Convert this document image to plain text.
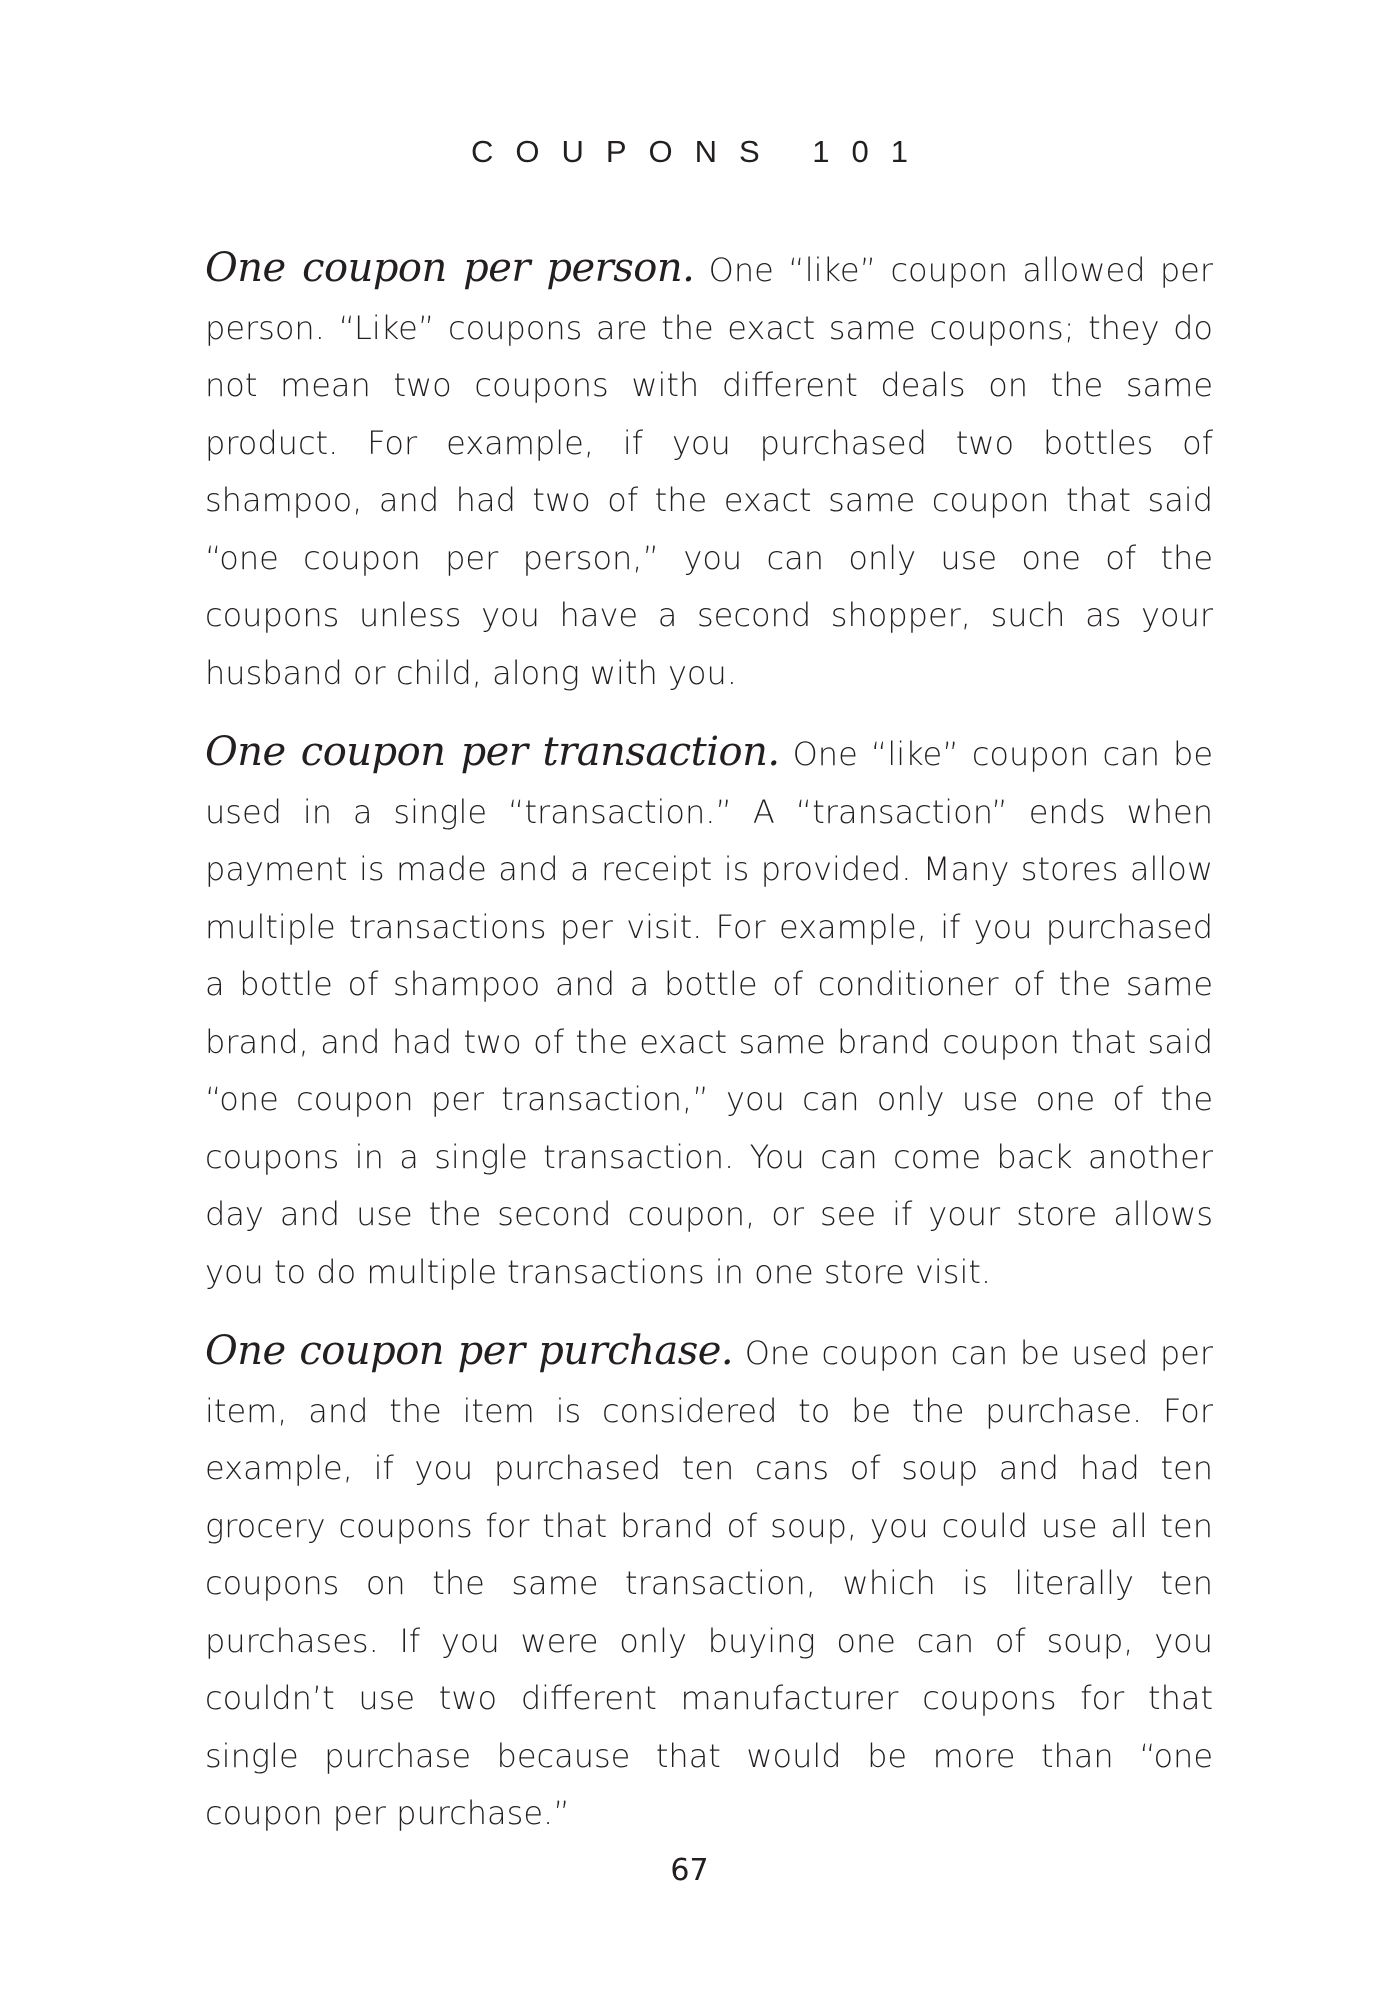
COUPONS 101

One coupon per person. One “like” coupon allowed per person. “Like” coupons are the exact same coupons; they do not mean two coupons with different deals on the same product. For example, if you purchased two bottles of shampoo, and had two of the exact same coupon that said “one coupon per person,” you can only use one of the coupons unless you have a second shopper, such as your husband or child, along with you.

One coupon per transaction. One “like” coupon can be used in a single “transaction.” A “transaction” ends when payment is made and a receipt is provided. Many stores allow multiple transactions per visit. For example, if you purchased a bottle of shampoo and a bottle of conditioner of the same brand, and had two of the exact same brand coupon that said “one coupon per transaction,” you can only use one of the coupons in a single transaction. You can come back another day and use the second coupon, or see if your store allows you to do multiple transactions in one store visit.

One coupon per purchase. One coupon can be used per item, and the item is considered to be the purchase. For example, if you purchased ten cans of soup and had ten grocery coupons for that brand of soup, you could use all ten coupons on the same transaction, which is literally ten purchases. If you were only buying one can of soup, you couldn’t use two different manufacturer coupons for that single purchase because that would be more than “one coupon per purchase.”

67
